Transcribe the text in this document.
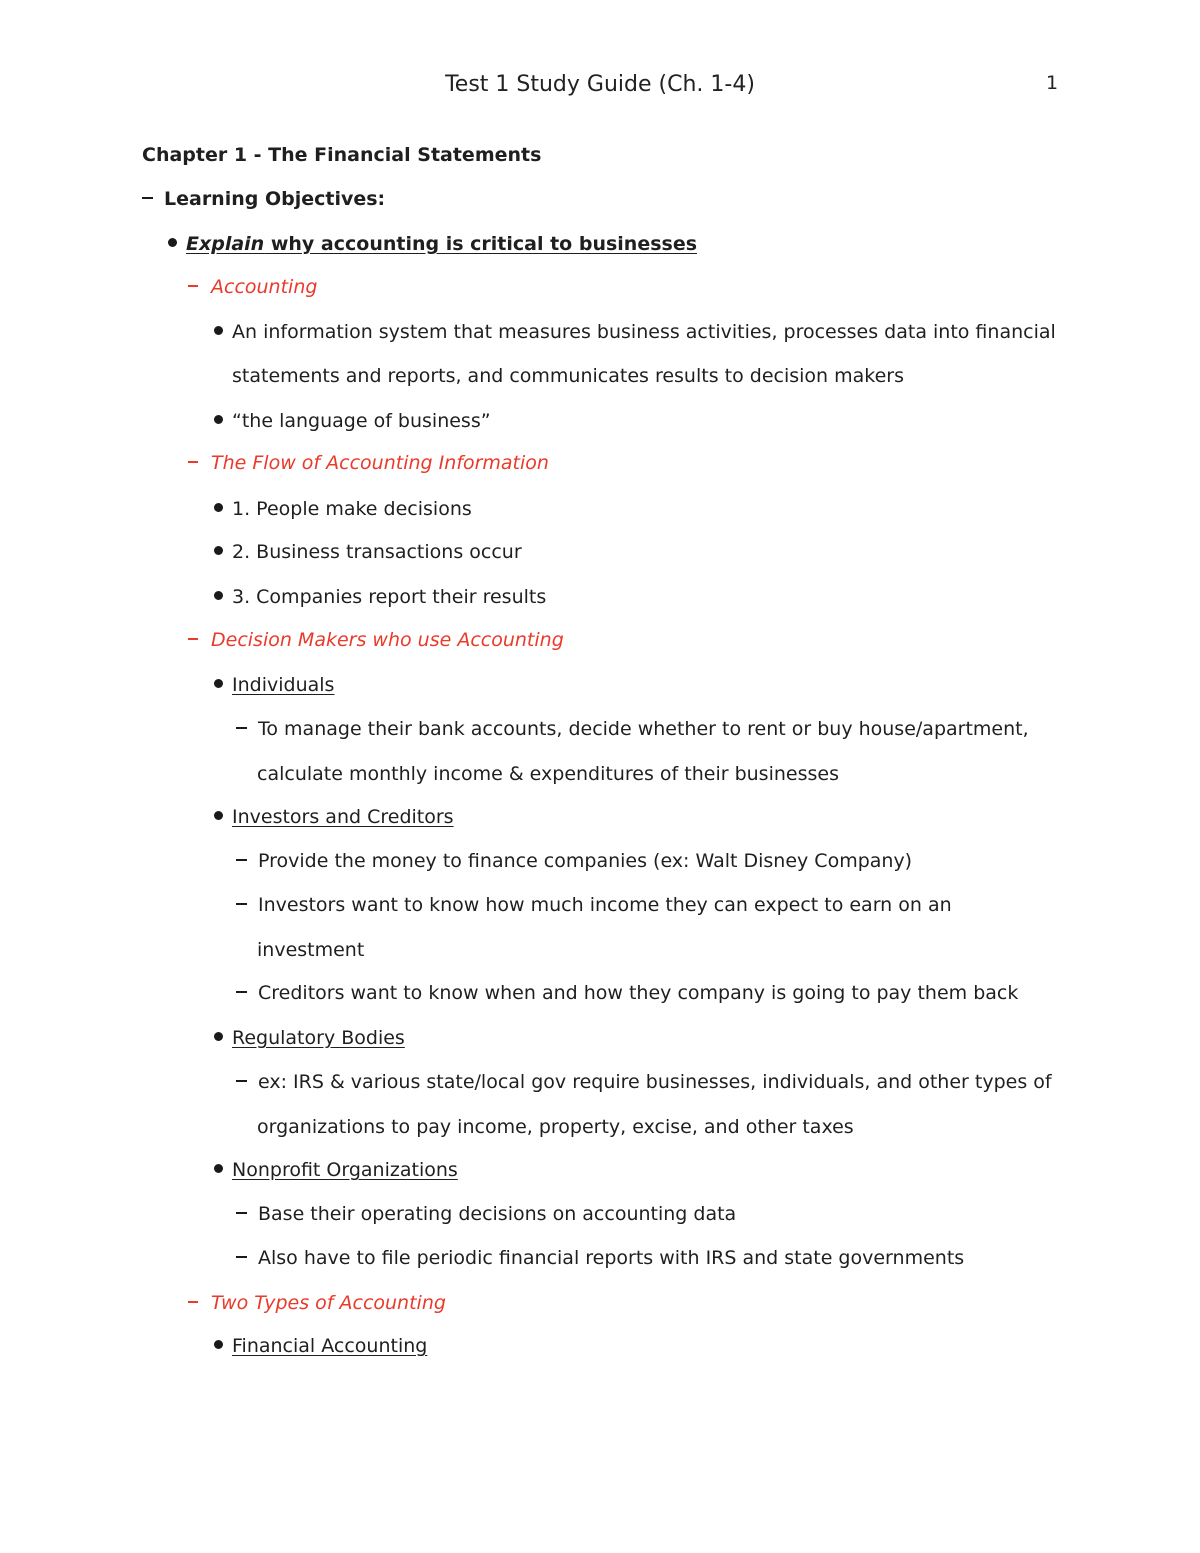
Test 1 Study Guide (Ch. 1-4)	1
Chapter 1 - The Financial Statements
Learning Objectives:
Explain why accounting is critical to businesses
Accounting
An information system that measures business activities, processes data into financial
statements and reports, and communicates results to decision makers
“the language of business”
The Flow of Accounting Information
1. People make decisions
2. Business transactions occur
3. Companies report their results
Decision Makers who use Accounting
Individuals
To manage their bank accounts, decide whether to rent or buy house/apartment,
calculate monthly income & expenditures of their businesses
Investors and Creditors
Provide the money to finance companies (ex: Walt Disney Company)
Investors want to know how much income they can expect to earn on an
investment
Creditors want to know when and how they company is going to pay them back
Regulatory Bodies
ex: IRS & various state/local gov require businesses, individuals, and other types of
organizations to pay income, property, excise, and other taxes
Nonprofit Organizations
Base their operating decisions on accounting data
Also have to file periodic financial reports with IRS and state governments
Two Types of Accounting
Financial Accounting
